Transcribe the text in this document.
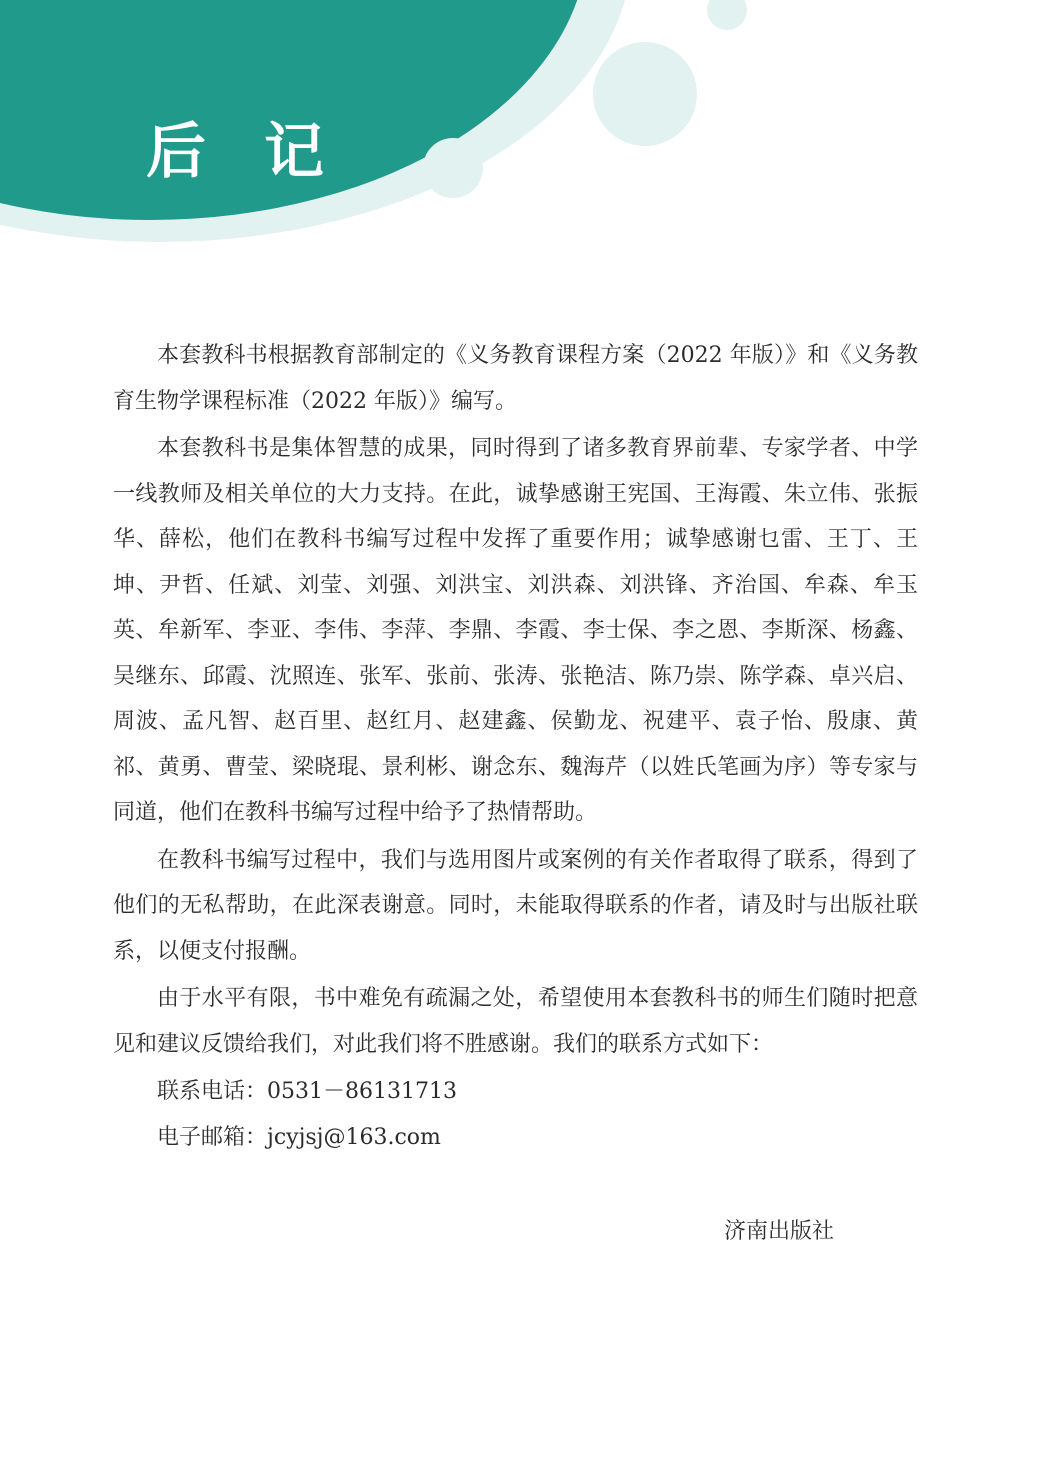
后记

本套教科书根据教育部制定的《义务教育课程方案（2022 年版）》和《义务教育生物学课程标准（2022 年版）》编写。

本套教科书是集体智慧的成果，同时得到了诸多教育界前辈、专家学者、中学一线教师及相关单位的大力支持。在此，诚挚感谢王宪国、王海霞、朱立伟、张振华、薛松，他们在教科书编写过程中发挥了重要作用；诚挚感谢乜雷、王丁、王坤、尹哲、任斌、刘莹、刘强、刘洪宝、刘洪森、刘洪锋、齐治国、牟森、牟玉英、牟新军、李亚、李伟、李萍、李鼎、李霞、李士保、李之恩、李斯深、杨鑫、吴继东、邱霞、沈照连、张军、张前、张涛、张艳洁、陈乃崇、陈学森、卓兴启、周波、孟凡智、赵百里、赵红月、赵建鑫、侯勤龙、祝建平、袁子怡、殷康、黄祁、黄勇、曹莹、梁晓琨、景利彬、谢念东、魏海芹（以姓氏笔画为序）等专家与同道，他们在教科书编写过程中给予了热情帮助。

在教科书编写过程中，我们与选用图片或案例的有关作者取得了联系，得到了他们的无私帮助，在此深表谢意。同时，未能取得联系的作者，请及时与出版社联系，以便支付报酬。

由于水平有限，书中难免有疏漏之处，希望使用本套教科书的师生们随时把意见和建议反馈给我们，对此我们将不胜感谢。我们的联系方式如下：

联系电话：0531－86131713

电子邮箱：jcyjsj@163.com

济南出版社
